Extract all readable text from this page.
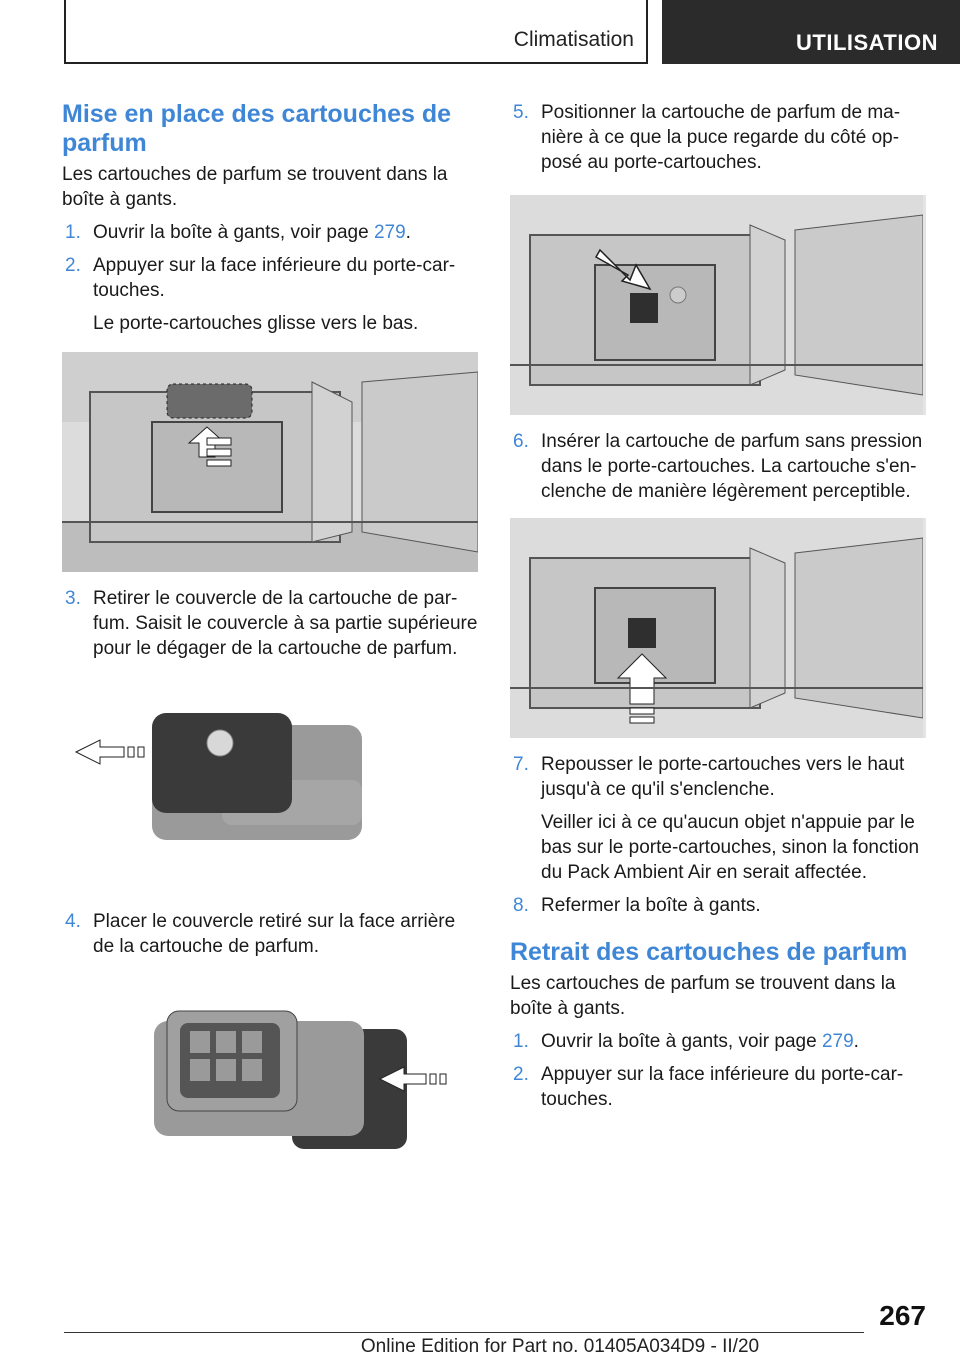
Climatisation	UTILISATION
Mise en place des cartouches de parfum

Les cartouches de parfum se trouvent dans la boîte à gants.

1. Ouvrir la boîte à gants, voir page 279.

2. Appuyer sur la face inférieure du porte-car-touches.

Le porte-cartouches glisse vers le bas.

3. Retirer le couvercle de la cartouche de par-fum. Saisit le couvercle à sa partie supérieure pour le dégager de la cartouche de parfum.

4. Placer le couvercle retiré sur la face arrière de la cartouche de parfum.

5. Positionner la cartouche de parfum de ma-nière à ce que la puce regarde du côté op-posé au porte-cartouches.

6. Insérer la cartouche de parfum sans pression dans le porte-cartouches. La cartouche s'en-clenche de manière légèrement perceptible.

7. Repousser le porte-cartouches vers le haut jusqu'à ce qu'il s'enclenche.

Veiller ici à ce qu'aucun objet n'appuie par le bas sur le porte-cartouches, sinon la fonction du Pack Ambient Air en serait affectée.

8. Refermer la boîte à gants.

Retrait des cartouches de parfum

Les cartouches de parfum se trouvent dans la boîte à gants.

1. Ouvrir la boîte à gants, voir page 279.

2. Appuyer sur la face inférieure du porte-car-touches.

267
Online Edition for Part no. 01405A034D9 - II/20
